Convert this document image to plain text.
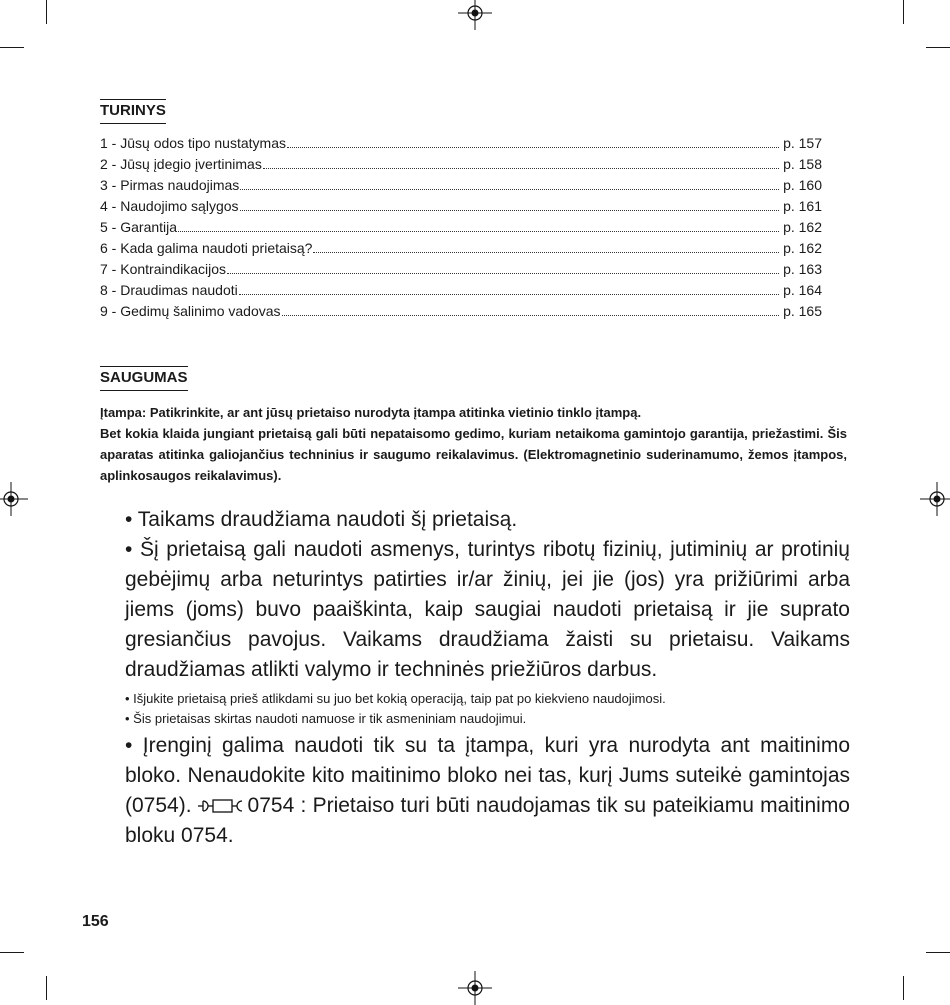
TURINYS
1 - Jūsų odos tipo nustatymas	p. 157
2 - Jūsų įdegio įvertinimas	p. 158
3 - Pirmas naudojimas	p. 160
4 - Naudojimo sąlygos	p. 161
5 - Garantija	p. 162
6 - Kada galima naudoti prietaisą?	p. 162
7 - Kontraindikacijos	p. 163
8 - Draudimas naudoti	p. 164
9 - Gedimų šalinimo vadovas	p. 165
SAUGUMAS

Įtampa: Patikrinkite, ar ant jūsų prietaiso nurodyta įtampa atitinka vietinio tinklo įtampą.

Bet kokia klaida jungiant prietaisą gali būti nepataisomo gedimo, kuriam netaikoma gamintojo garantija, priežastimi. Šis aparatas atitinka galiojančius techninius ir saugumo reikalavimus. (Elektromagnetinio suderinamumo, žemos įtampos, aplinkosaugos reikalavimus).

• Taikams draudžiama naudoti šį prietaisą.

• Šį prietaisą gali naudoti asmenys, turintys ribotų fizinių, jutiminių ar protinių gebėjimų arba neturintys patirties ir/ar žinių, jei jie (jos) yra prižiūrimi arba jiems (joms) buvo paaiškinta, kaip saugiai naudoti prietaisą ir jie suprato gresiančius pavojus. Vaikams draudžiama žaisti su prietaisu. Vaikams draudžiamas atlikti valymo ir techninės priežiūros darbus.

• Išjukite prietaisą prieš atlikdami su juo bet kokią operaciją, taip pat po kiekvieno naudojimosi.

• Šis prietaisas skirtas naudoti namuose ir tik asmeniniam naudojimui.

• Įrenginį galima naudoti tik su ta įtampa, kuri yra nurodyta ant maitinimo bloko. Nenaudokite kito maitinimo bloko nei tas, kurį Jums suteikė gamintojas (0754).	0754 : Prietaiso turi būti naudojamas tik su pateikiamu maitinimo bloku 0754.

156
